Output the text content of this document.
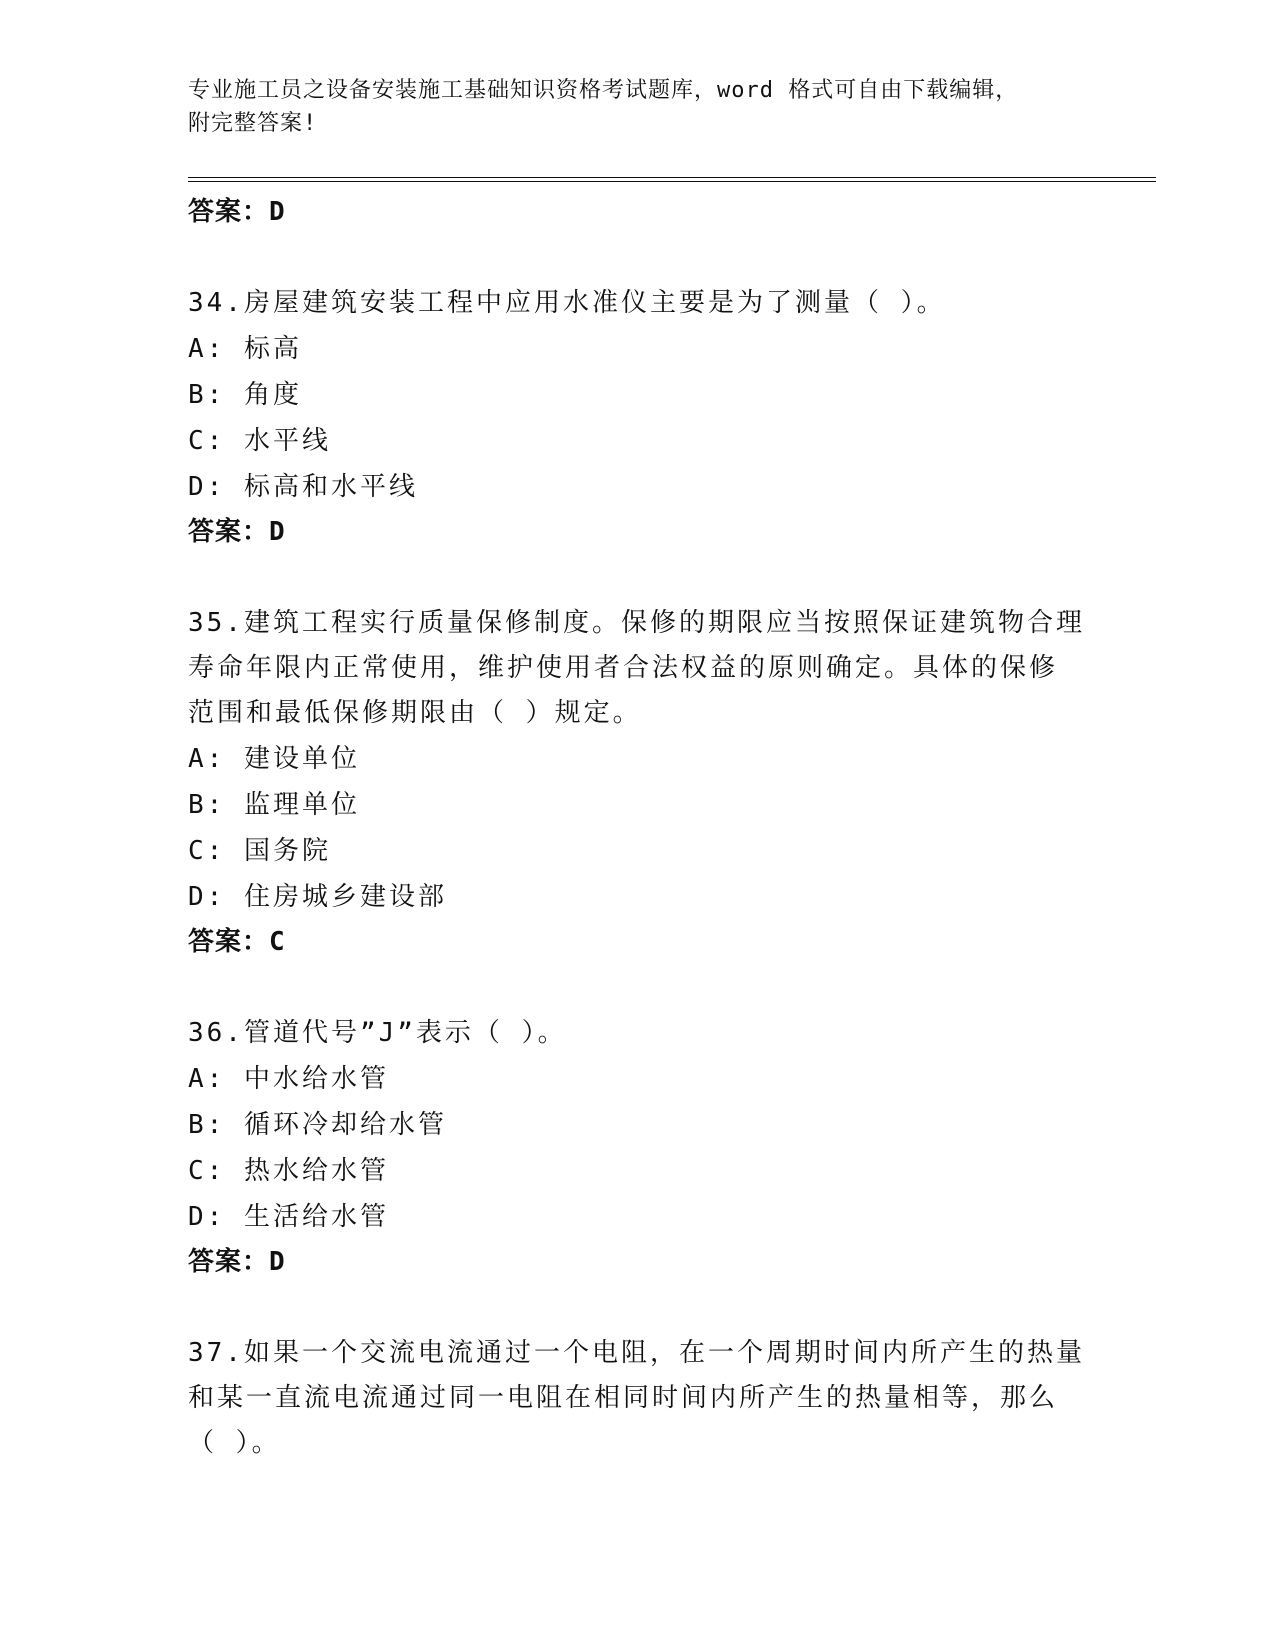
专业施工员之设备安装施工基础知识资格考试题库，word 格式可自由下载编辑，
附完整答案!
答案：D
34.房屋建筑安装工程中应用水准仪主要是为了测量（ ）。
A: 标高
B: 角度
C: 水平线
D: 标高和水平线
答案：D
35.建筑工程实行质量保修制度。保修的期限应当按照保证建筑物合理
寿命年限内正常使用，维护使用者合法权益的原则确定。具体的保修
范围和最低保修期限由（ ）规定。
A: 建设单位
B: 监理单位
C: 国务院
D: 住房城乡建设部
答案：C
36.管道代号”J”表示（ ）。
A: 中水给水管
B: 循环冷却给水管
C: 热水给水管
D: 生活给水管
答案：D
37.如果一个交流电流通过一个电阻，在一个周期时间内所产生的热量
和某一直流电流通过同一电阻在相同时间内所产生的热量相等，那么
（ ）。
